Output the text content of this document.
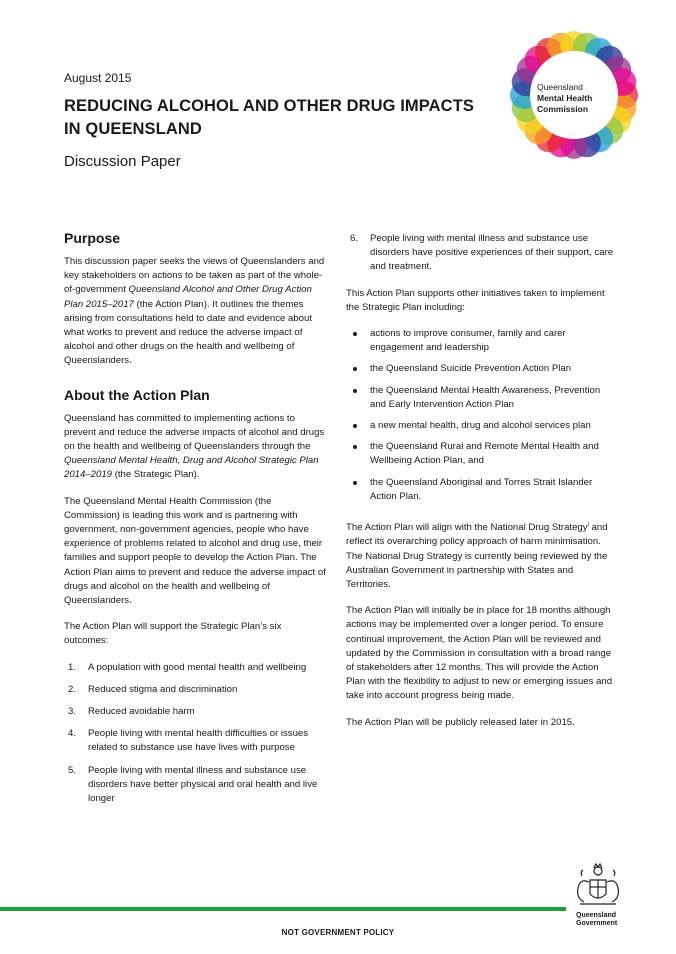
August 2015
REDUCING ALCOHOL AND OTHER DRUG IMPACTS IN QUEENSLAND
Discussion Paper
Queensland
Mental Health
Commission
Purpose

This discussion paper seeks the views of Queenslanders and key stakeholders on actions to be taken as part of the whole-of-government Queensland Alcohol and Other Drug Action Plan 2015–2017 (the Action Plan). It outlines the themes arising from consultations held to date and evidence about what works to prevent and reduce the adverse impact of alcohol and other drugs on the health and wellbeing of Queenslanders.

About the Action Plan

Queensland has committed to implementing actions to prevent and reduce the adverse impacts of alcohol and drugs on the health and wellbeing of Queenslanders through the Queensland Mental Health, Drug and Alcohol Strategic Plan 2014–2019 (the Strategic Plan).

The Queensland Mental Health Commission (the Commission) is leading this work and is partnering with government, non-government agencies, people who have experience of problems related to alcohol and drug use, their families and support people to develop the Action Plan. The Action Plan aims to prevent and reduce the adverse impact of drugs and alcohol on the health and wellbeing of Queenslanders.

The Action Plan will support the Strategic Plan’s six outcomes:

1. A population with good mental health and wellbeing
2. Reduced stigma and discrimination
3. Reduced avoidable harm
4. People living with mental health difficulties or issues related to substance use have lives with purpose
5. People living with mental illness and substance use disorders have better physical and oral health and live longer
6. People living with mental illness and substance use disorders have positive experiences of their support, care and treatment.

This Action Plan supports other initiatives taken to implement the Strategic Plan including:

actions to improve consumer, family and carer engagement and leadership
the Queensland Suicide Prevention Action Plan
the Queensland Mental Health Awareness, Prevention and Early Intervention Action Plan
a new mental health, drug and alcohol services plan
the Queensland Rural and Remote Mental Health and Wellbeing Action Plan, and
the Queensland Aboriginal and Torres Strait Islander Action Plan.

The Action Plan will align with the National Drug Strategy$^i$ and reflect its overarching policy approach of harm minimisation. The National Drug Strategy is currently being reviewed by the Australian Government in partnership with States and Territories.

The Action Plan will initially be in place for 18 months although actions may be implemented over a longer period. To ensure continual improvement, the Action Plan will be reviewed and updated by the Commission in consultation with a broad range of stakeholders after 12 months. This will provide the Action Plan with the flexibility to adjust to new or emerging issues and take into account progress being made.

The Action Plan will be publicly released later in 2015.

Queensland
Government
NOT GOVERNMENT POLICY
